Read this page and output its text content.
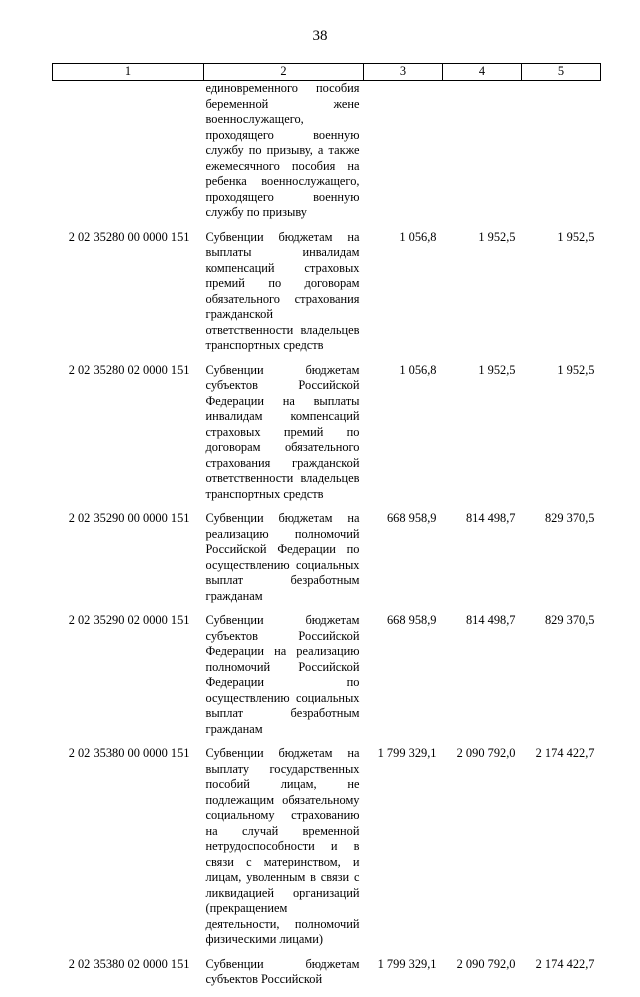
38
1	2	3	4	5
	единовременного пособия беременной жене военнослужащего, проходящего военную службу по призыву, а также ежемесячного пособия на ребенка военнослужащего, проходящего военную службу по призыву			
2 02 35280 00 0000 151	Субвенции бюджетам на выплаты инвалидам компенсаций страховых премий по договорам обязательного страхования гражданской ответственности владельцев транспортных средств	1 056,8	1 952,5	1 952,5
2 02 35280 02 0000 151	Субвенции бюджетам субъектов Российской Федерации на выплаты инвалидам компенсаций страховых премий по договорам обязательного страхования гражданской ответственности владельцев транспортных средств	1 056,8	1 952,5	1 952,5
2 02 35290 00 0000 151	Субвенции бюджетам на реализацию полномочий Российской Федерации по осуществлению социальных выплат безработным гражданам	668 958,9	814 498,7	829 370,5
2 02 35290 02 0000 151	Субвенции бюджетам субъектов Российской Федерации на реализацию полномочий Российской Федерации по осуществлению социальных выплат безработным гражданам	668 958,9	814 498,7	829 370,5
2 02 35380 00 0000 151	Субвенции бюджетам на выплату государственных пособий лицам, не подлежащим обязательному социальному страхованию на случай временной нетрудоспособности и в связи с материнством, и лицам, уволенным в связи с ликвидацией организаций (прекращением деятельности, полномочий физическими лицами)	1 799 329,1	2 090 792,0	2 174 422,7
2 02 35380 02 0000 151	Субвенции бюджетам субъектов Российской	1 799 329,1	2 090 792,0	2 174 422,7
